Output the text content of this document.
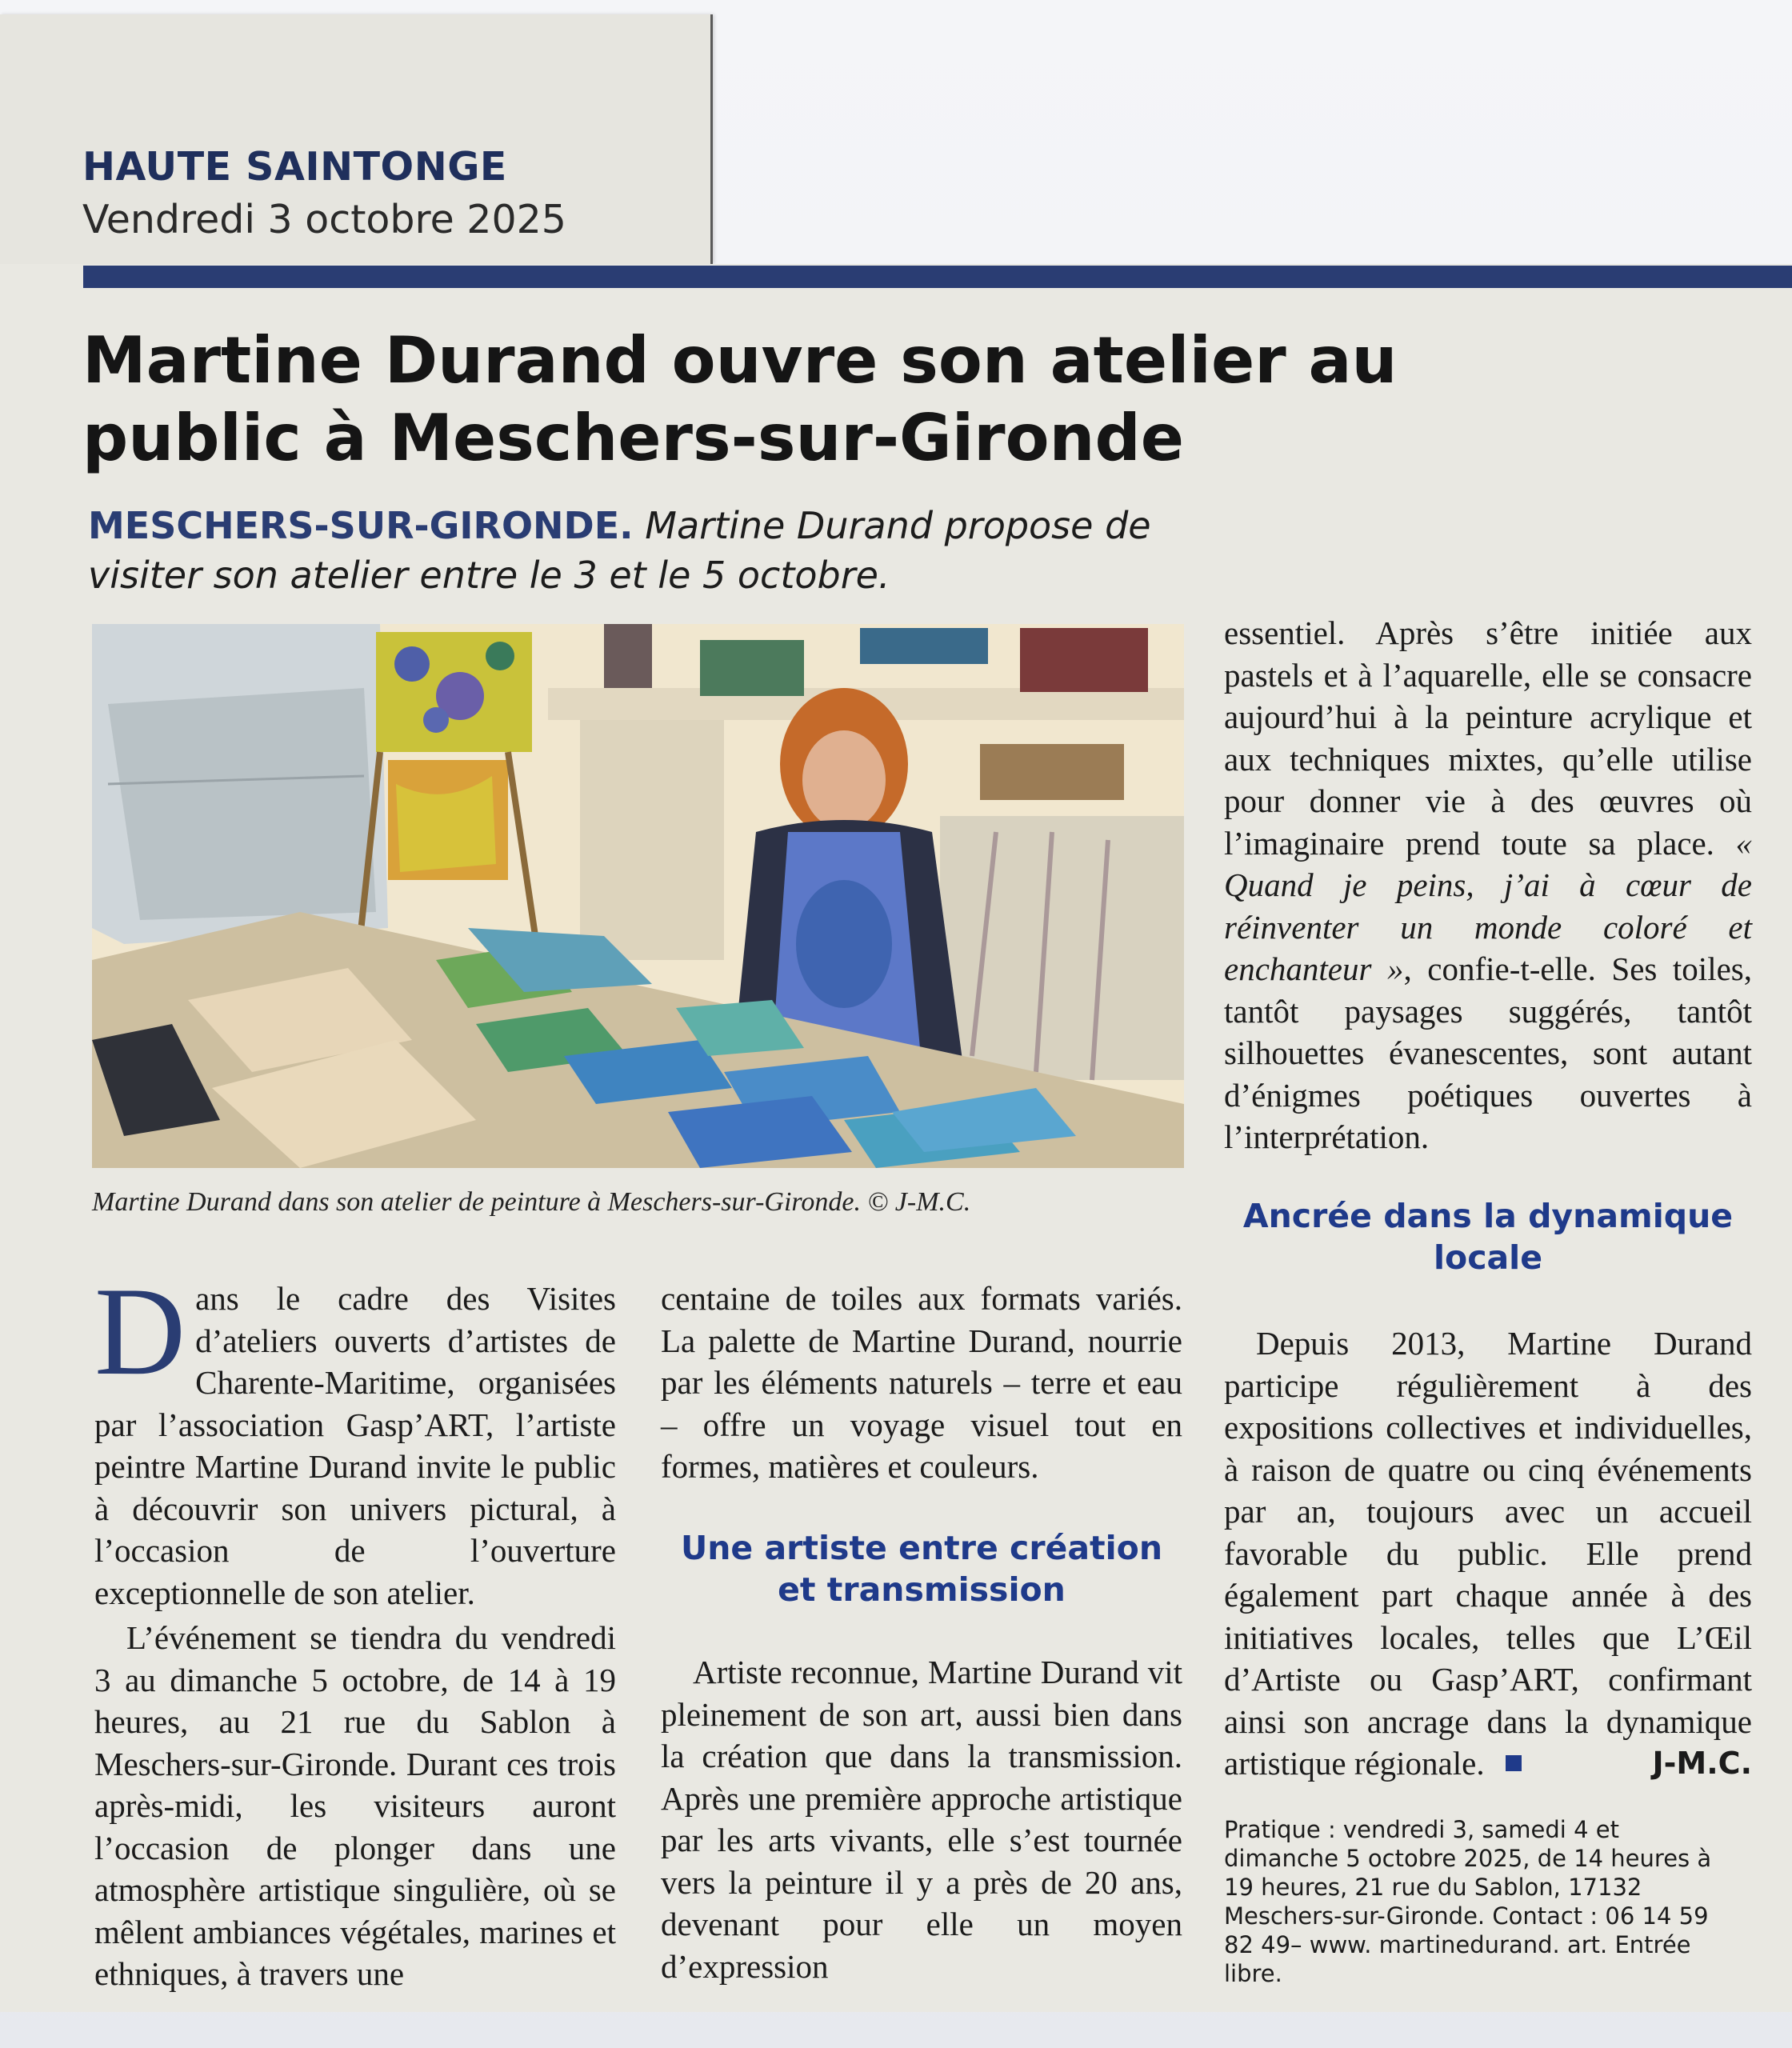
HAUTE SAINTONGE
Vendredi 3 octobre 2025
Martine Durand ouvre son atelier au public à Meschers-sur-Gironde
MESCHERS-SUR-GIRONDE. Martine Durand propose de visiter son atelier entre le 3 et le 5 octobre.
Martine Durand dans son atelier de peinture à Meschers-sur-Gironde. © J-M.C.

Dans le cadre des Visites d’ateliers ouverts d’artistes de Charente-Maritime, organisées par l’association Gasp’ART, l’artiste peintre Martine Durand invite le public à découvrir son univers pictural, à l’occasion de l’ouverture exceptionnelle de son atelier.

L’événement se tiendra du vendredi 3 au dimanche 5 octobre, de 14 à 19 heures, au 21 rue du Sablon à Meschers-sur-Gironde. Durant ces trois après-midi, les visiteurs auront l’occasion de plonger dans une atmosphère artistique singulière, où se mêlent ambiances végétales, marines et ethniques, à travers une

centaine de toiles aux formats variés. La palette de Martine Durand, nourrie par les éléments naturels – terre et eau – offre un voyage visuel tout en formes, matières et couleurs.

Une artiste entre création et transmission

Artiste reconnue, Martine Durand vit pleinement de son art, aussi bien dans la création que dans la transmission. Après une première approche artistique par les arts vivants, elle s’est tournée vers la peinture il y a près de 20 ans, devenant pour elle un moyen d’expression

essentiel. Après s’être initiée aux pastels et à l’aquarelle, elle se consacre aujourd’hui à la peinture acrylique et aux techniques mixtes, qu’elle utilise pour donner vie à des œuvres où l’imaginaire prend toute sa place. « Quand je peins, j’ai à cœur de réinventer un monde coloré et enchanteur », confie-t-elle. Ses toiles, tantôt paysages suggérés, tantôt silhouettes évanescentes, sont autant d’énigmes poétiques ouvertes à l’interprétation.

Ancrée dans la dynamique locale

Depuis 2013, Martine Durand participe régulièrement à des expositions collectives et individuelles, à raison de quatre ou cinq événements par an, toujours avec un accueil favorable du public. Elle prend également part chaque année à des initiatives locales, telles que L’Œil d’Artiste ou Gasp’ART, confirmant ainsi son ancrage dans la dynamique artistique régionale.	J-M.C.

Pratique : vendredi 3, samedi 4 et dimanche 5 octobre 2025, de 14 heures à 19 heures, 21 rue du Sablon, 17132 Meschers-sur-Gironde. Contact : 06 14 59 82 49– www. martinedurand. art. Entrée libre.
